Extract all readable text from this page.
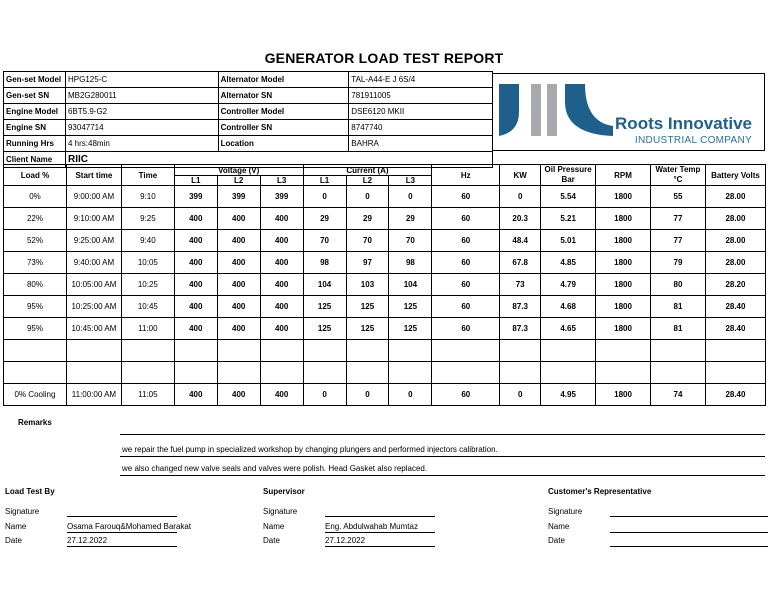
GENERATOR LOAD TEST REPORT
Gen-set Model	HPG125-C	Alternator Model	TAL-A44-E J 6S/4
Gen-set SN	MB2G280011	Alternator SN	781911005
Engine Model	6BT5.9-G2	Controller Model	DSE6120 MKII
Engine SN	93047714	Controller SN	8747740
Running Hrs	4 hrs:48min	Location	BAHRA
Client Name	RIIC		
Roots Innovative
INDUSTRIAL COMPANY
Load %	Start time	Time	Voltage (V)			Current (A)			Hz	KW	Oil Pressure Bar	RPM	Water Temp °C	Battery Volts
			L1	L2	L3	L1	L2	L3						
0%	9:00:00 AM	9:10	399	399	399	0	0	0	60	0	5.54	1800	55	28.00
22%	9:10:00 AM	9:25	400	400	400	29	29	29	60	20.3	5.21	1800	77	28.00
52%	9:25:00 AM	9:40	400	400	400	70	70	70	60	48.4	5.01	1800	77	28.00
73%	9:40:00 AM	10:05	400	400	400	98	97	98	60	67.8	4.85	1800	79	28.00
80%	10:05:00 AM	10:25	400	400	400	104	103	104	60	73	4.79	1800	80	28.20
95%	10:25:00 AM	10:45	400	400	400	125	125	125	60	87.3	4.68	1800	81	28.40
95%	10:45:00 AM	11:00	400	400	400	125	125	125	60	87.3	4.65	1800	81	28.40

0% Cooling	11:00:00 AM	11:05	400	400	400	0	0	0	60	0	4.95	1800	74	28.40
Remarks
we repair the fuel pump in specialized workshop by changing plungers and performed injectors calibration.
we also changed new valve seals and valves were polish. Head Gasket also replaced.
Load Test By
Signature
Name	Osama Farouq&Mohamed Barakat
Date	27.12.2022
Supervisor
Signature
Name	Eng. Abdulwahab Mumtaz
Date	27.12.2022
Customer's Representative
Signature
Name
Date
